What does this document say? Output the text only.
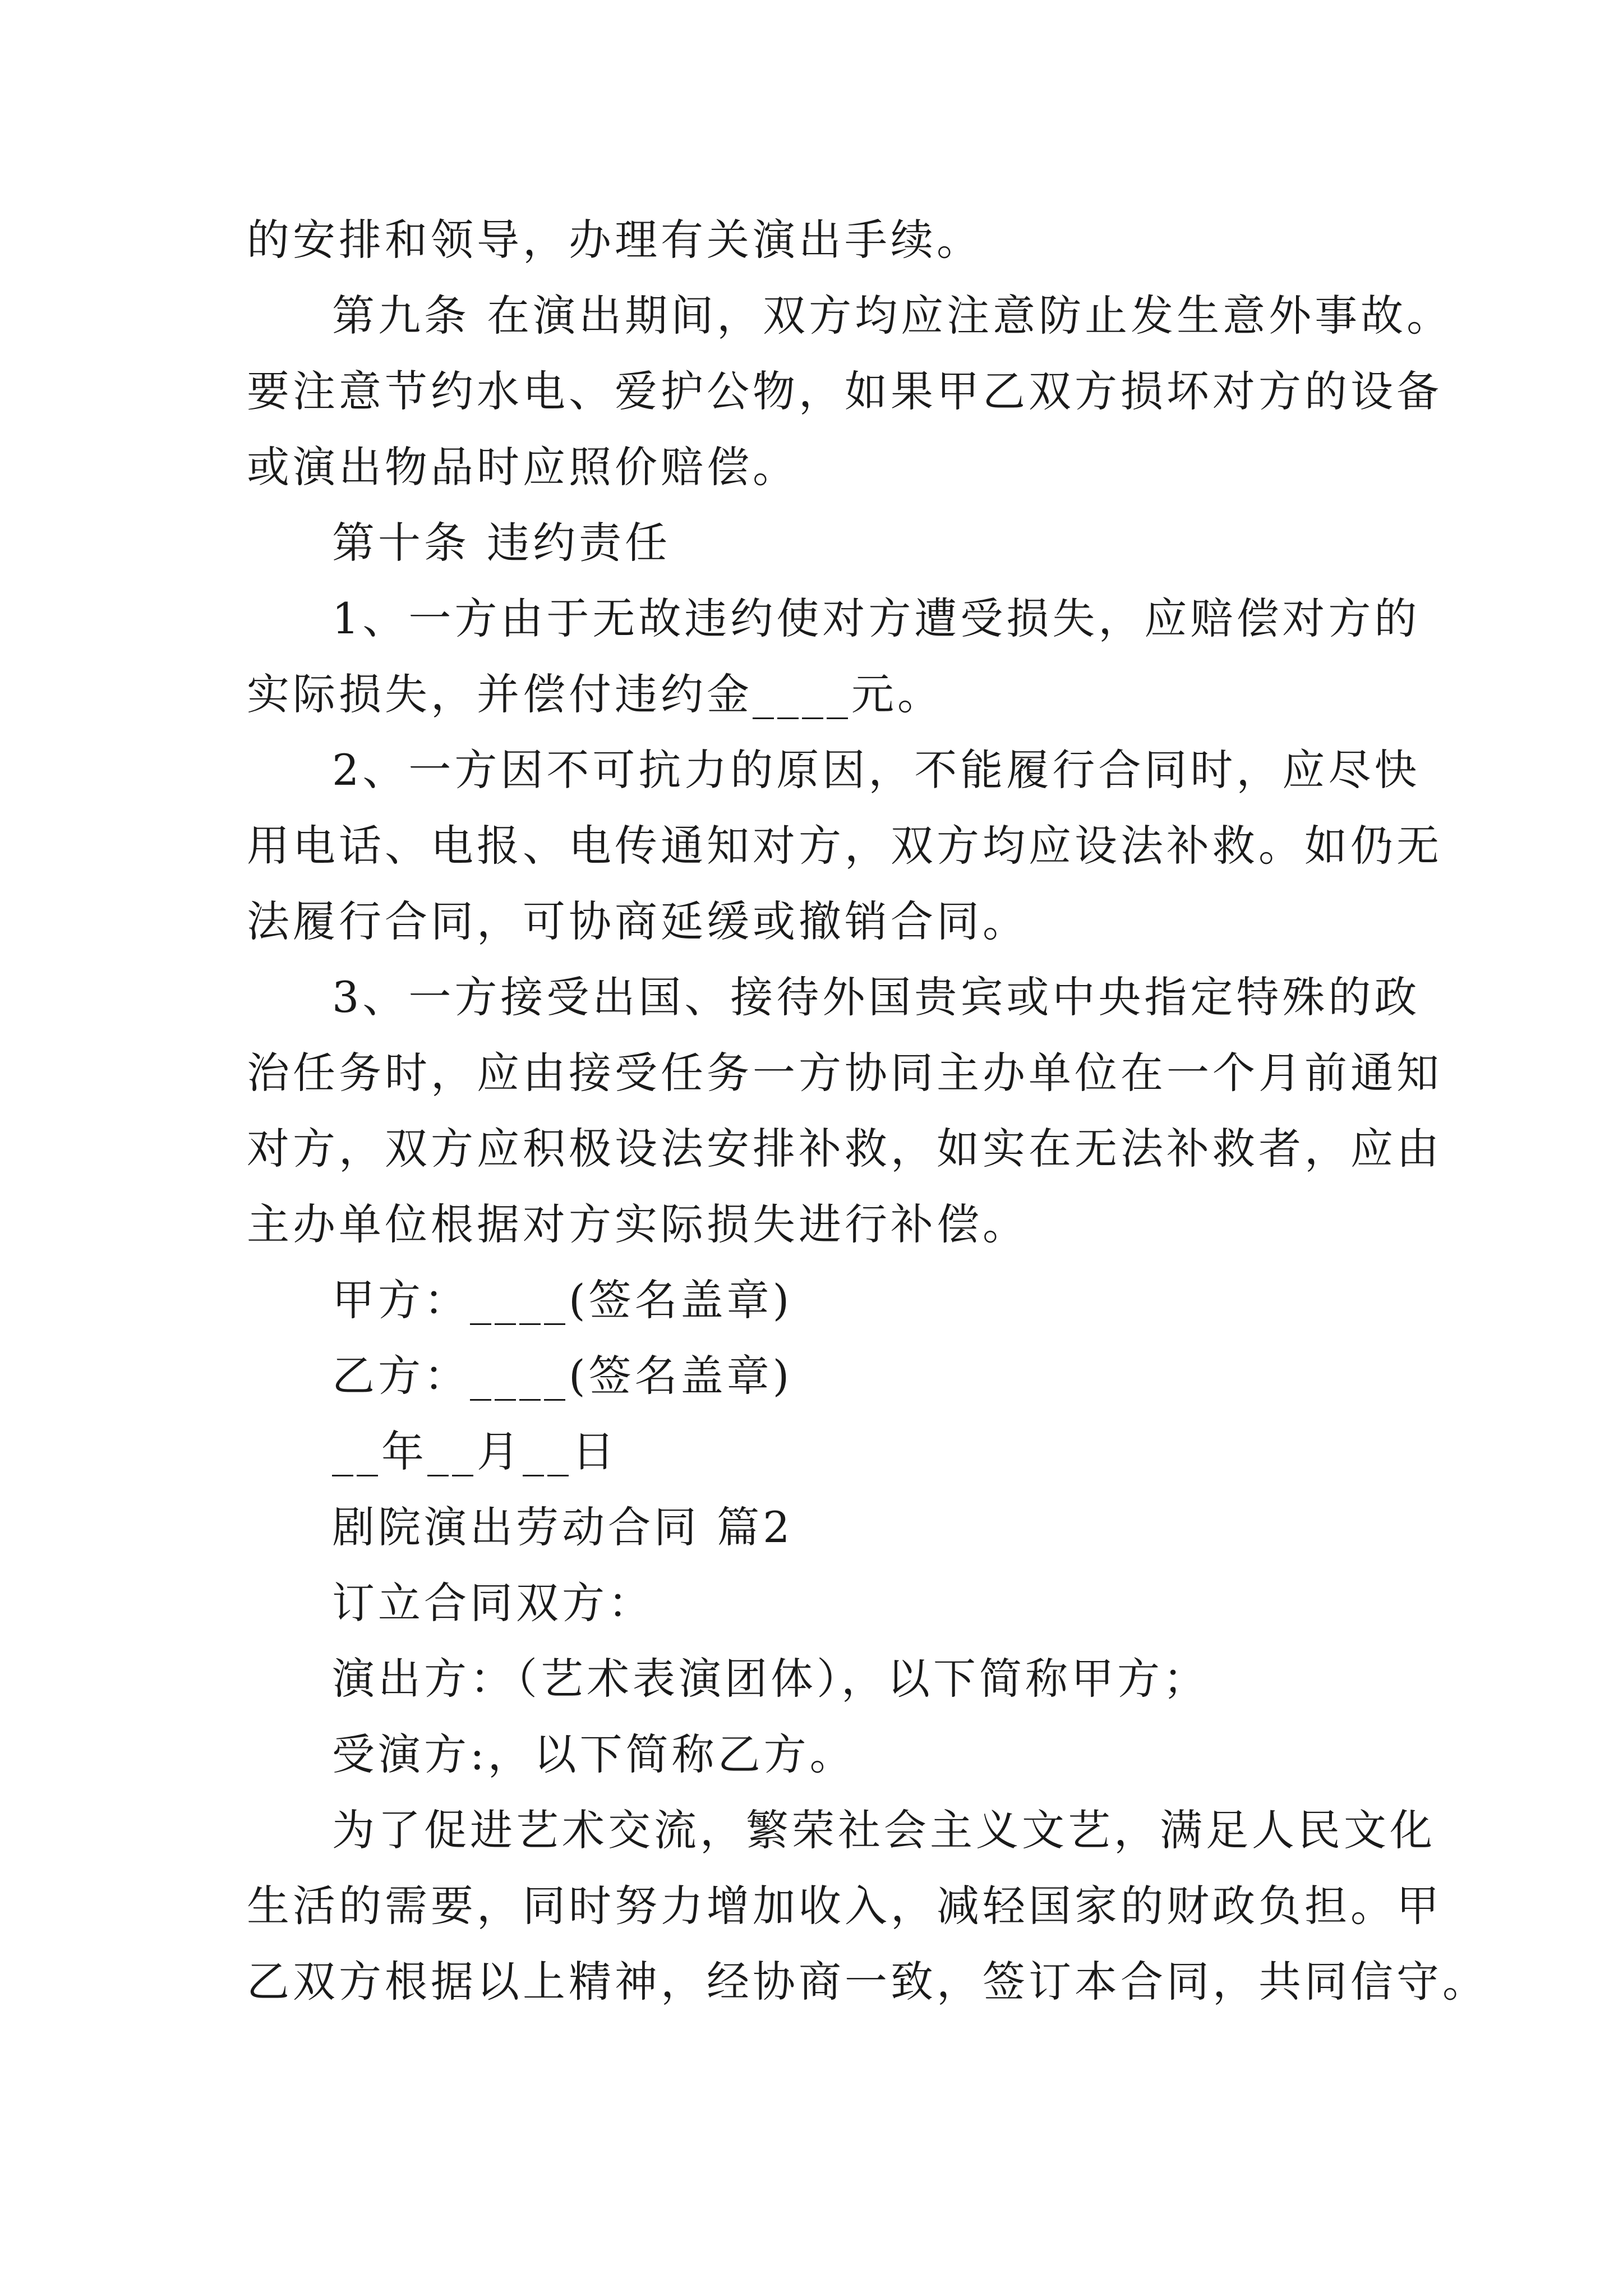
的安排和领导，办理有关演出手续。
第九条 在演出期间，双方均应注意防止发生意外事故。
要注意节约水电、爱护公物，如果甲乙双方损坏对方的设备
或演出物品时应照价赔偿。
第十条 违约责任
1、一方由于无故违约使对方遭受损失，应赔偿对方的
实际损失，并偿付违约金____元。
2、一方因不可抗力的原因，不能履行合同时，应尽快
用电话、电报、电传通知对方，双方均应设法补救。如仍无
法履行合同，可协商延缓或撤销合同。
3、一方接受出国、接待外国贵宾或中央指定特殊的政
治任务时，应由接受任务一方协同主办单位在一个月前通知
对方，双方应积极设法安排补救，如实在无法补救者，应由
主办单位根据对方实际损失进行补偿。
甲方：____(签名盖章)
乙方：____(签名盖章)
__年__月__日
剧院演出劳动合同 篇2
订立合同双方：
演出方：（艺术表演团体），以下简称甲方；
受演方:，以下简称乙方。
为了促进艺术交流，繁荣社会主义文艺，满足人民文化
生活的需要，同时努力增加收入，减轻国家的财政负担。甲
乙双方根据以上精神，经协商一致，签订本合同，共同信守。
